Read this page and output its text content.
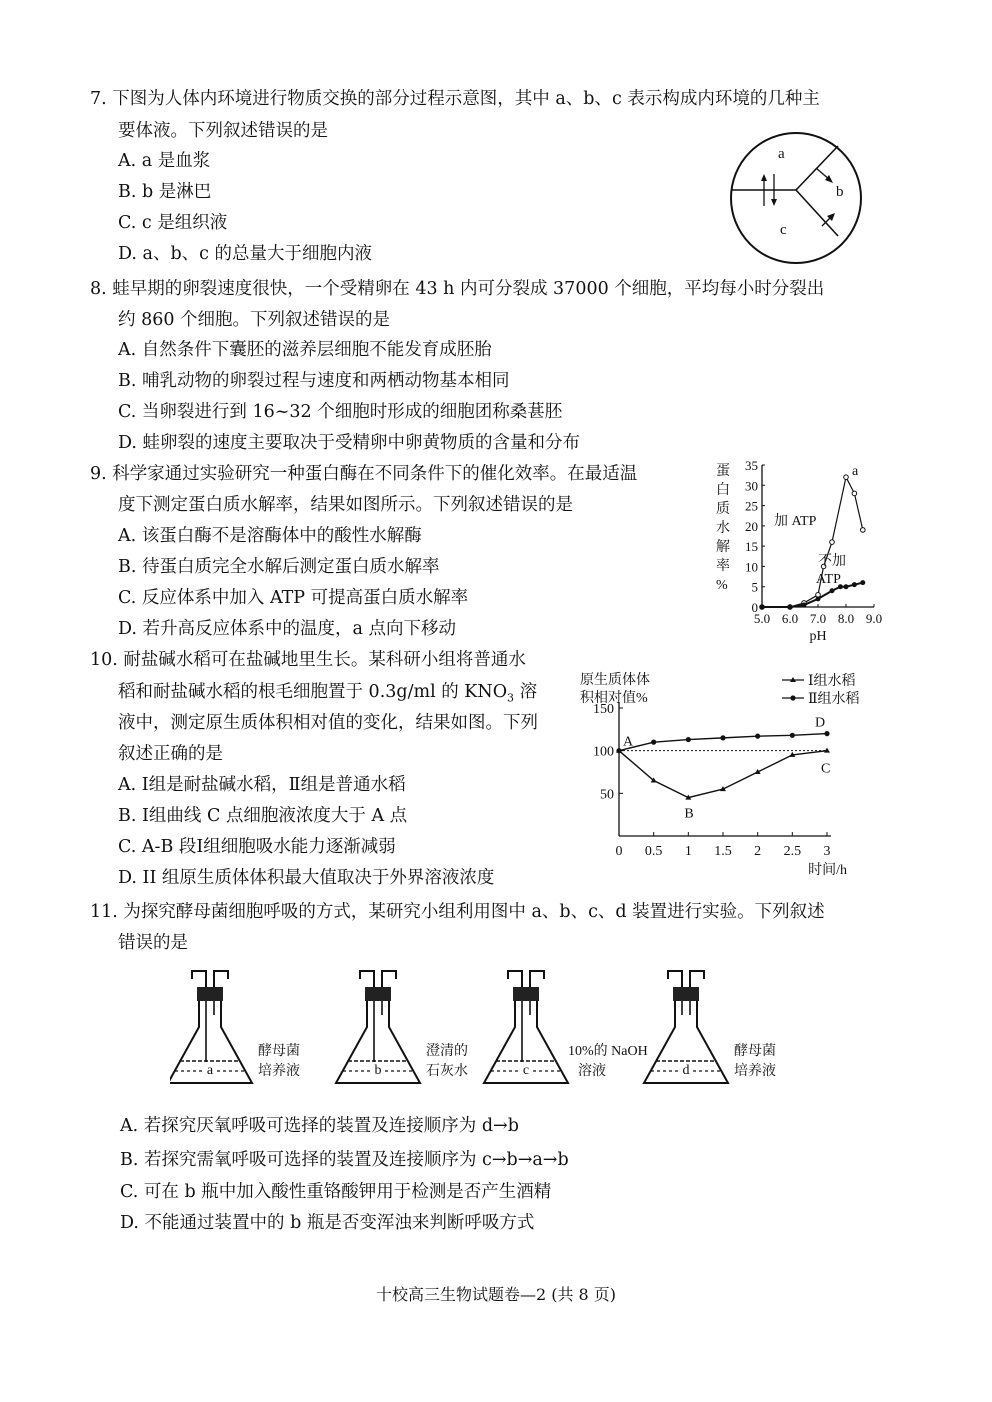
7. 下图为人体内环境进行物质交换的部分过程示意图，其中 a、b、c 表示构成内环境的几种主
要体液。下列叙述错误的是
A. a 是血浆
B. b 是淋巴
C. c 是组织液
D. a、b、c 的总量大于细胞内液
a
b
c
8. 蛙早期的卵裂速度很快，一个受精卵在 43 h 内可分裂成 37000 个细胞，平均每小时分裂出
约 860 个细胞。下列叙述错误的是
A. 自然条件下囊胚的滋养层细胞不能发育成胚胎
B. 哺乳动物的卵裂过程与速度和两栖动物基本相同
C. 当卵裂进行到 16~32 个细胞时形成的细胞团称桑葚胚
D. 蛙卵裂的速度主要取决于受精卵中卵黄物质的含量和分布
9. 科学家通过实验研究一种蛋白酶在不同条件下的催化效率。在最适温
度下测定蛋白质水解率，结果如图所示。下列叙述错误的是
A. 该蛋白酶不是溶酶体中的酸性水解酶
B. 待蛋白质完全水解后测定蛋白质水解率
C. 反应体系中加入 ATP 可提高蛋白质水解率
D. 若升高反应体系中的温度，a 点向下移动
蛋
白
质
水
解
率
%
0
5
10
15
20
25
30
35
5.0 6.0 7.0 8.0 9.0
pH
加 ATP
不加
ATP
a
10. 耐盐碱水稻可在盐碱地里生长。某科研小组将普通水
稻和耐盐碱水稻的根毛细胞置于 0.3g/ml 的 $KNO_3$ 溶
液中，测定原生质体积相对值的变化，结果如图。下列
叙述正确的是
A. Ⅰ组是耐盐碱水稻，Ⅱ组是普通水稻
B. Ⅰ组曲线 C 点细胞液浓度大于 A 点
C. A-B 段Ⅰ组细胞吸水能力逐渐减弱
D. II 组原生质体体积最大值取决于外界溶液浓度
原生质体体
积相对值%
50
100
150
0 0.5 1 1.5 2 2.5 3
时间/h
Ⅰ组水稻
Ⅱ组水稻
A
B
C
D
11. 为探究酵母菌细胞呼吸的方式，某研究小组利用图中 a、b、c、d 装置进行实验。下列叙述
错误的是
a
酵母菌
培养液	b
澄清的
石灰水	c
10%的 NaOH
溶液	d
酵母菌
培养液
A. 若探究厌氧呼吸可选择的装置及连接顺序为 d→b
B. 若探究需氧呼吸可选择的装置及连接顺序为 c→b→a→b
C. 可在 b 瓶中加入酸性重铬酸钾用于检测是否产生酒精
D. 不能通过装置中的 b 瓶是否变浑浊来判断呼吸方式
十校高三生物试题卷—2 (共 8 页)
